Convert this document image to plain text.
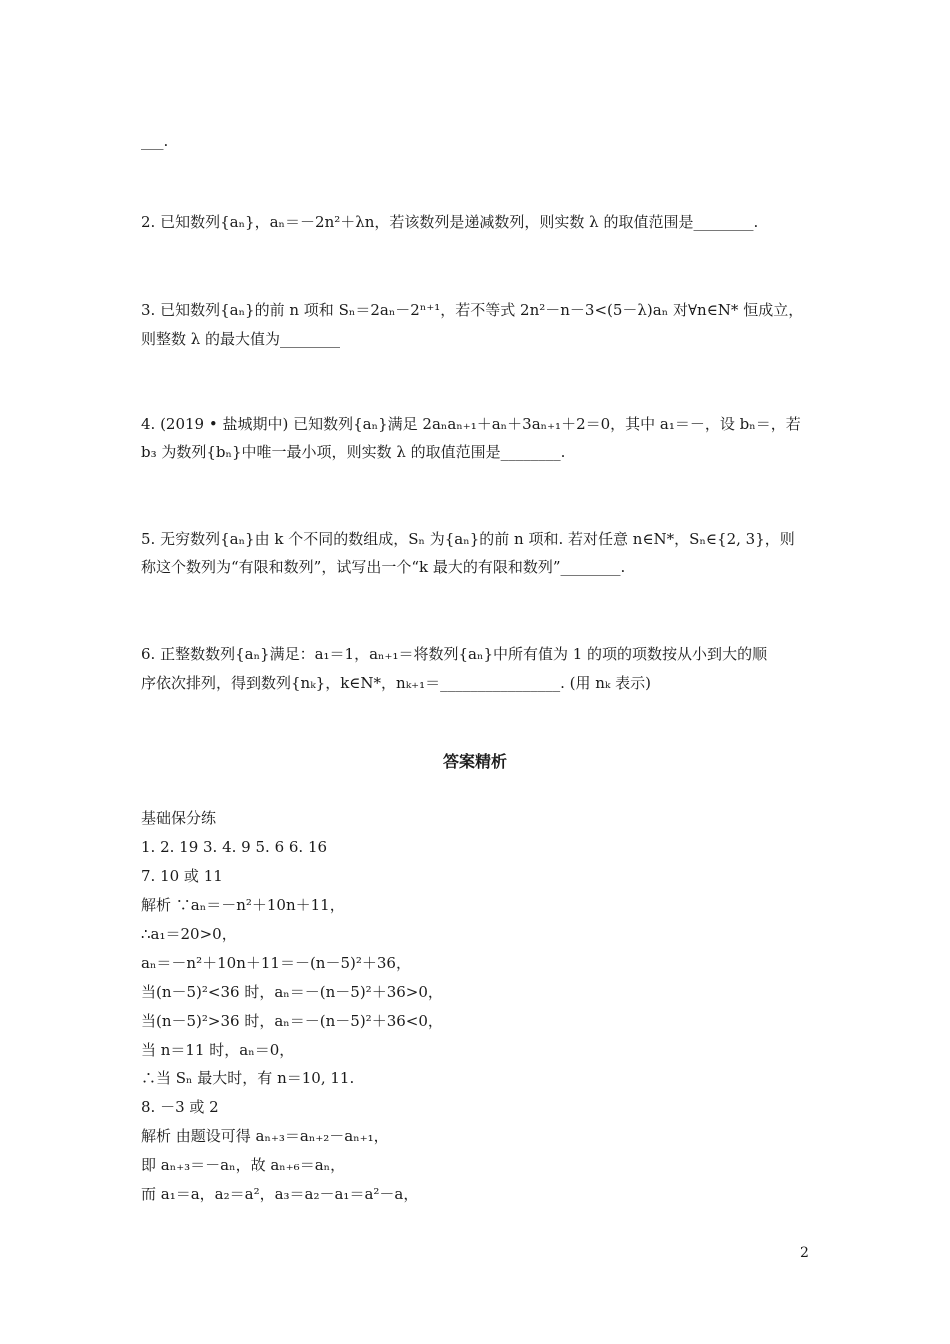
___.
2. 已知数列{aₙ}，aₙ＝－2n²＋λn，若该数列是递减数列，则实数 λ 的取值范围是________.
3. 已知数列{aₙ}的前 n 项和 Sₙ＝2aₙ－2ⁿ⁺¹，若不等式 2n²－n－3<(5－λ)aₙ 对∀n∈N* 恒成立，
则整数 λ 的最大值为________
4. (2019 • 盐城期中) 已知数列{aₙ}满足 2aₙaₙ₊₁＋aₙ＋3aₙ₊₁＋2＝0，其中 a₁＝－，设 bₙ＝，若
b₃ 为数列{bₙ}中唯一最小项，则实数 λ 的取值范围是________.
5. 无穷数列{aₙ}由 k 个不同的数组成，Sₙ 为{aₙ}的前 n 项和. 若对任意 n∈N*，Sₙ∈{2, 3}，则
称这个数列为“有限和数列”，试写出一个“k 最大的有限和数列”________.
6. 正整数数列{aₙ}满足：a₁＝1，aₙ₊₁＝将数列{aₙ}中所有值为 1 的项的项数按从小到大的顺
序依次排列，得到数列{nₖ}，k∈N*，nₖ₊₁＝________________. (用 nₖ 表示)
答案精析
基础保分练
1. 2. 19 3. 4. 9 5. 6 6. 16
7. 10 或 11
解析 ∵aₙ＝－n²＋10n＋11，
∴a₁＝20>0，
aₙ＝－n²＋10n＋11＝－(n－5)²＋36，
当(n－5)²<36 时，aₙ＝－(n－5)²＋36>0，
当(n－5)²>36 时，aₙ＝－(n－5)²＋36<0，
当 n＝11 时，aₙ＝0，
∴当 Sₙ 最大时，有 n＝10, 11.
8. －3 或 2
解析 由题设可得 aₙ₊₃＝aₙ₊₂－aₙ₊₁，
即 aₙ₊₃＝－aₙ，故 aₙ₊₆＝aₙ，
而 a₁＝a，a₂＝a²，a₃＝a₂－a₁＝a²－a，
2
